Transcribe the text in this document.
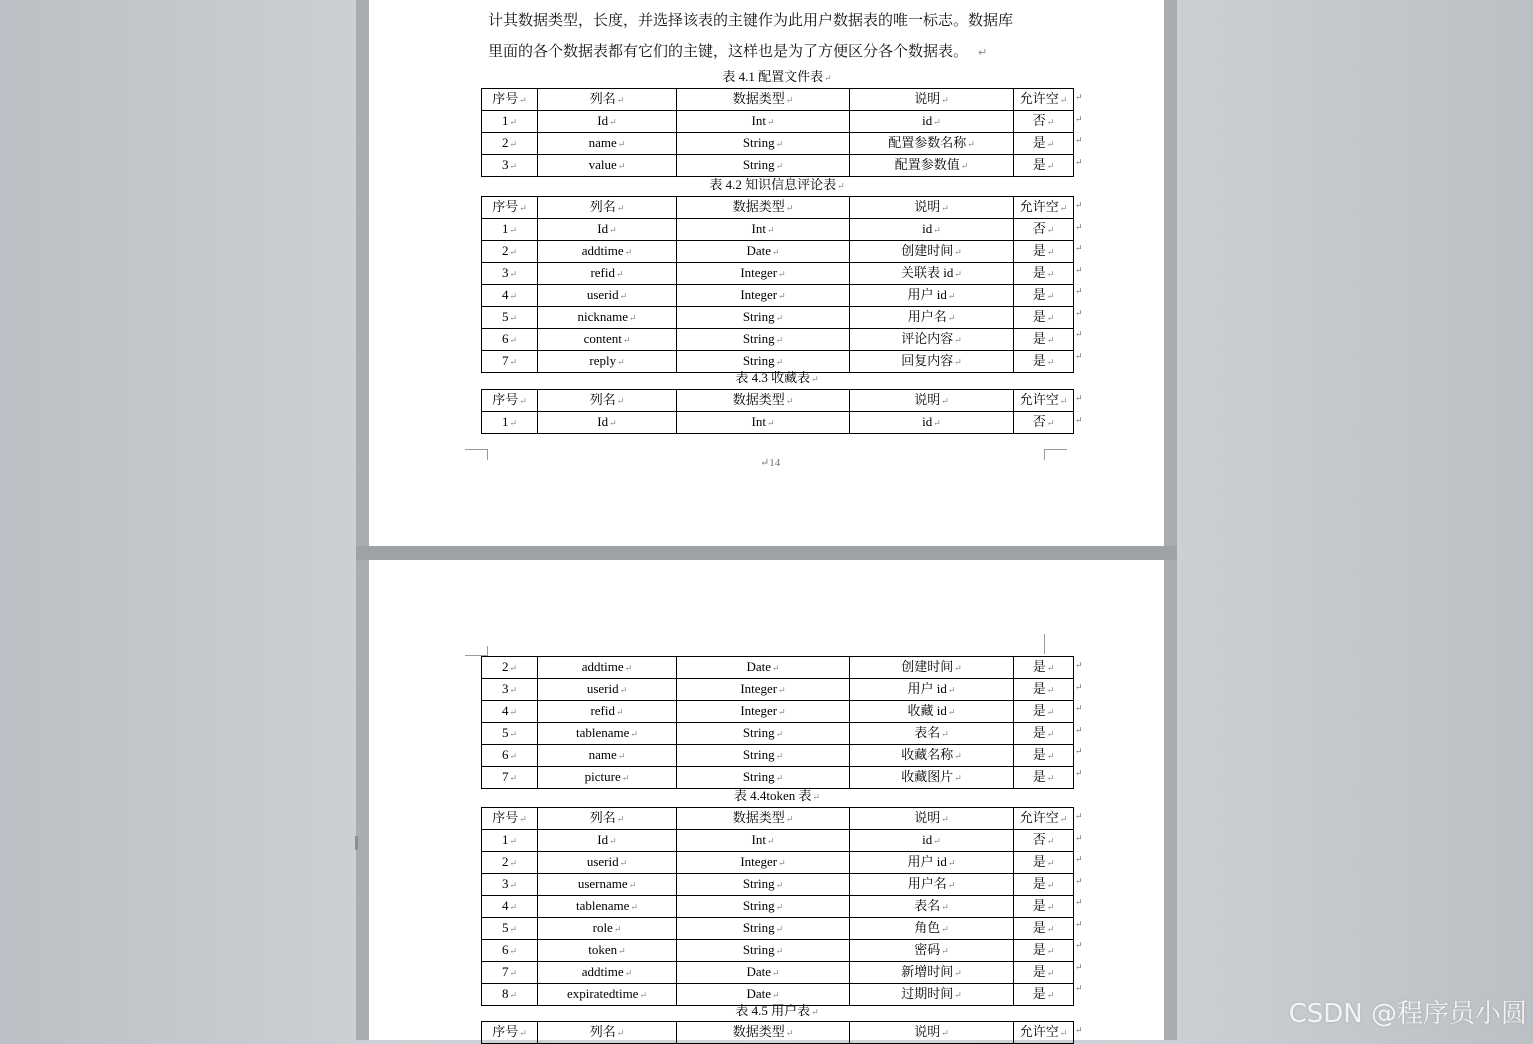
计其数据类型，长度，并选择该表的主键作为此用户数据表的唯一标志。数据库
里面的各个数据表都有它们的主键，这样也是为了方便区分各个数据表。 ↵
表 4.1 配置文件表↵
序号↵	列名↵	数据类型↵	说明↵	允许空↵
1↵	Id↵	Int↵	id↵	否↵
2↵	name↵	String↵	配置参数名称↵	是↵
3↵	value↵	String↵	配置参数值↵	是↵
表 4.2 知识信息评论表↵
序号↵	列名↵	数据类型↵	说明↵	允许空↵
1↵	Id↵	Int↵	id↵	否↵
2↵	addtime↵	Date↵	创建时间↵	是↵
3↵	refid↵	Integer↵	关联表 id↵	是↵
4↵	userid↵	Integer↵	用户 id↵	是↵
5↵	nickname↵	String↵	用户名↵	是↵
6↵	content↵	String↵	评论内容↵	是↵
7↵	reply↵	String↵	回复内容↵	是↵
表 4.3 收藏表↵
序号↵	列名↵	数据类型↵	说明↵	允许空↵
1↵	Id↵	Int↵	id↵	否↵
↵14
2↵	addtime↵	Date↵	创建时间↵	是↵
3↵	userid↵	Integer↵	用户 id↵	是↵
4↵	refid↵	Integer↵	收藏 id↵	是↵
5↵	tablename↵	String↵	表名↵	是↵
6↵	name↵	String↵	收藏名称↵	是↵
7↵	picture↵	String↵	收藏图片↵	是↵
表 4.4token 表↵
序号↵	列名↵	数据类型↵	说明↵	允许空↵
1↵	Id↵	Int↵	id↵	否↵
2↵	userid↵	Integer↵	用户 id↵	是↵
3↵	username↵	String↵	用户名↵	是↵
4↵	tablename↵	String↵	表名↵	是↵
5↵	role↵	String↵	角色↵	是↵
6↵	token↵	String↵	密码↵	是↵
7↵	addtime↵	Date↵	新增时间↵	是↵
8↵	expiratedtime↵	Date↵	过期时间↵	是↵
表 4.5 用户表↵
序号↵	列名↵	数据类型↵	说明↵	允许空↵
CSDN @程序员小圆
↵
↵
↵
↵
↵
↵
↵
↵
↵
↵
↵
↵
↵
↵
↵
↵
↵
↵
↵
↵
↵
↵
↵
↵
↵
↵
↵
↵
↵
↵
